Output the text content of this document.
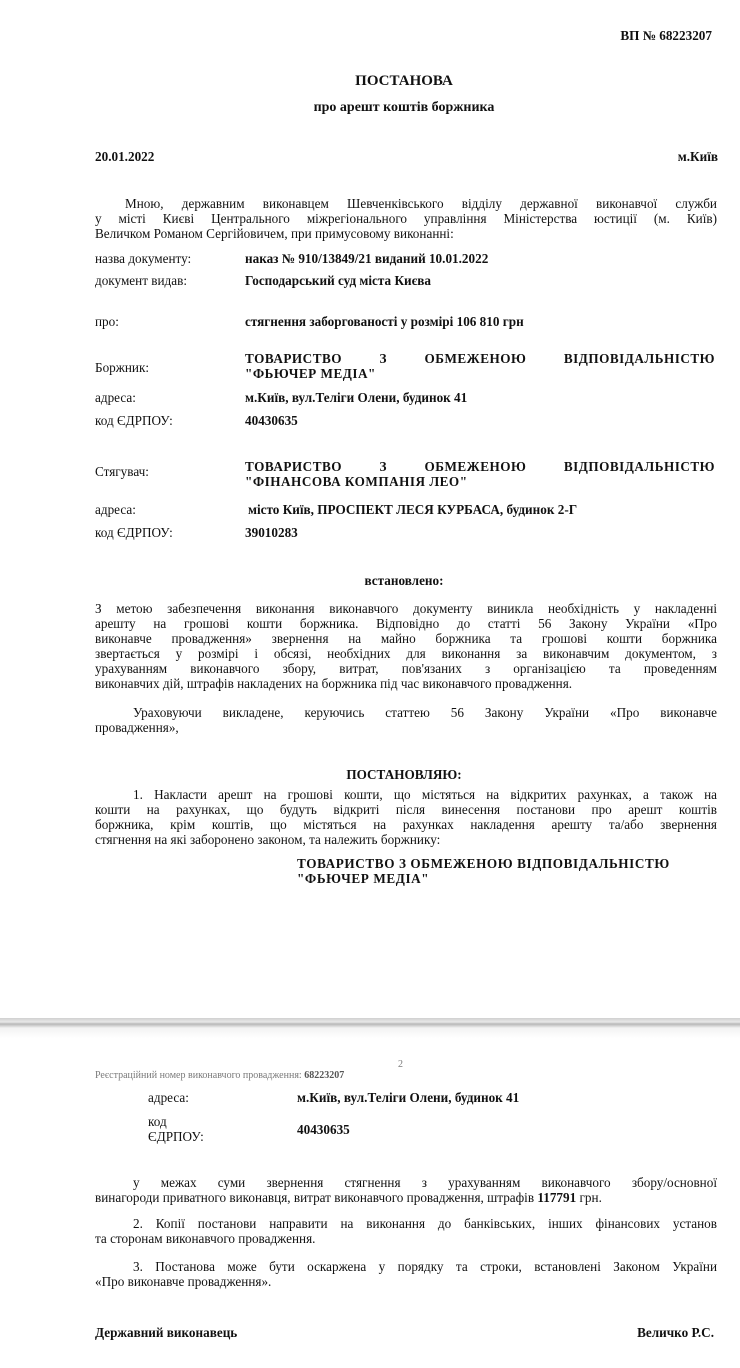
ВП № 68223207
ПОСТАНОВА
про арешт коштів боржника
20.01.2022	м.Київ
Мною, державним виконавцем Шевченківського відділу державної виконавчої служби
у місті Києві Центрального міжрегіонального управління Міністерства юстиції (м. Київ)
Величком Романом Сергійовичем, при примусовому виконанні:
назва документу:	наказ № 910/13849/21 виданий 10.01.2022
документ видав:	Господарський суд міста Києва
про:	стягнення заборгованості у розмірі 106 810 грн
Боржник:
ТОВАРИСТВО З ОБМЕЖЕНОЮ ВІДПОВІДАЛЬНІСТЮ
"ФЬЮЧЕР МЕДІА"
адреса:	м.Київ, вул.Теліги Олени, будинок 41
код ЄДРПОУ:	40430635
Стягувач:	ТОВАРИСТВО З ОБМЕЖЕНОЮ ВІДПОВІДАЛЬНІСТЮ
"ФІНАНСОВА КОМПАНІЯ ЛЕО"
адреса:	місто Київ, ПРОСПЕКТ ЛЕСЯ КУРБАСА, будинок 2-Г
код ЄДРПОУ:	39010283
встановлено:
З метою забезпечення виконання виконавчого документу виникла необхідність у накладенні
арешту на грошові кошти боржника. Відповідно до статті 56 Закону України «Про
виконавче провадження» звернення на майно боржника та грошові кошти боржника
звертається у розмірі і обсязі, необхідних для виконання за виконавчим документом, з
урахуванням виконавчого збору, витрат, пов'язаних з організацією та проведенням
виконавчих дій, штрафів накладених на боржника під час виконавчого провадження.
Ураховуючи викладене, керуючись статтею 56 Закону України «Про виконавче
провадження»,
ПОСТАНОВЛЯЮ:
1. Накласти арешт на грошові кошти, що містяться на відкритих рахунках, а також на
кошти на рахунках, що будуть відкриті після винесення постанови про арешт коштів
боржника, крім коштів, що містяться на рахунках накладення арешту та/або звернення
стягнення на які заборонено законом, та належить боржнику:
ТОВАРИСТВО З ОБМЕЖЕНОЮ ВІДПОВІДАЛЬНІСТЮ
"ФЬЮЧЕР МЕДІА"
2
Реєстраційний номер виконавчого провадження: 68223207
адреса:	м.Київ, вул.Теліги Олени, будинок 41
код
ЄДРПОУ:	40430635
у межах суми звернення стягнення з урахуванням виконавчого збору/основної
винагороди приватного виконавця, витрат виконавчого провадження, штрафів 117791 грн.
2. Копії постанови направити на виконання до банківських, інших фінансових установ
та сторонам виконавчого провадження.
3. Постанова може бути оскаржена у порядку та строки, встановлені Законом України
«Про виконавче провадження».
Державний виконавець	Величко Р.С.
